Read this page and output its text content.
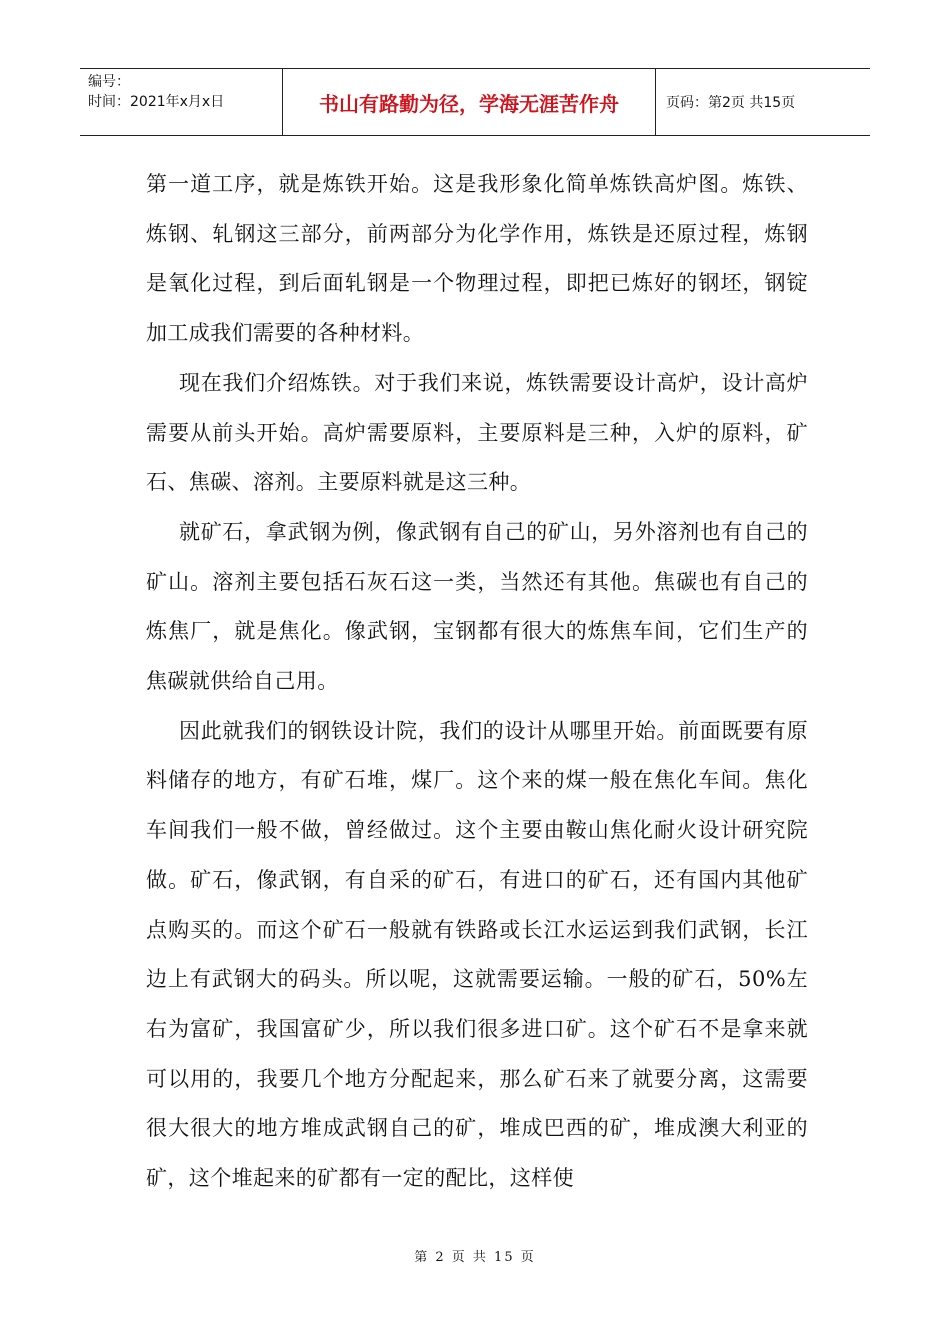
编号：
时间：2021年x月x日	书山有路勤为径，学海无涯苦作舟	页码：第2页 共15页

第一道工序，就是炼铁开始。这是我形象化简单炼铁高炉图。炼铁、炼钢、轧钢这三部分，前两部分为化学作用，炼铁是还原过程，炼钢是氧化过程，到后面轧钢是一个物理过程，即把已炼好的钢坯，钢锭加工成我们需要的各种材料。

现在我们介绍炼铁。对于我们来说，炼铁需要设计高炉，设计高炉需要从前头开始。高炉需要原料，主要原料是三种，入炉的原料，矿石、焦碳、溶剂。主要原料就是这三种。

就矿石，拿武钢为例，像武钢有自己的矿山，另外溶剂也有自己的矿山。溶剂主要包括石灰石这一类，当然还有其他。焦碳也有自己的炼焦厂，就是焦化。像武钢，宝钢都有很大的炼焦车间，它们生产的焦碳就供给自己用。

因此就我们的钢铁设计院，我们的设计从哪里开始。前面既要有原料储存的地方，有矿石堆，煤厂。这个来的煤一般在焦化车间。焦化车间我们一般不做，曾经做过。这个主要由鞍山焦化耐火设计研究院做。矿石，像武钢，有自采的矿石，有进口的矿石，还有国内其他矿点购买的。而这个矿石一般就有铁路或长江水运运到我们武钢，长江边上有武钢大的码头。所以呢，这就需要运输。一般的矿石，50%左右为富矿，我国富矿少，所以我们很多进口矿。这个矿石不是拿来就可以用的，我要几个地方分配起来，那么矿石来了就要分离，这需要很大很大的地方堆成武钢自己的矿，堆成巴西的矿，堆成澳大利亚的矿，这个堆起来的矿都有一定的配比，这样使

第 2 页 共 15 页
